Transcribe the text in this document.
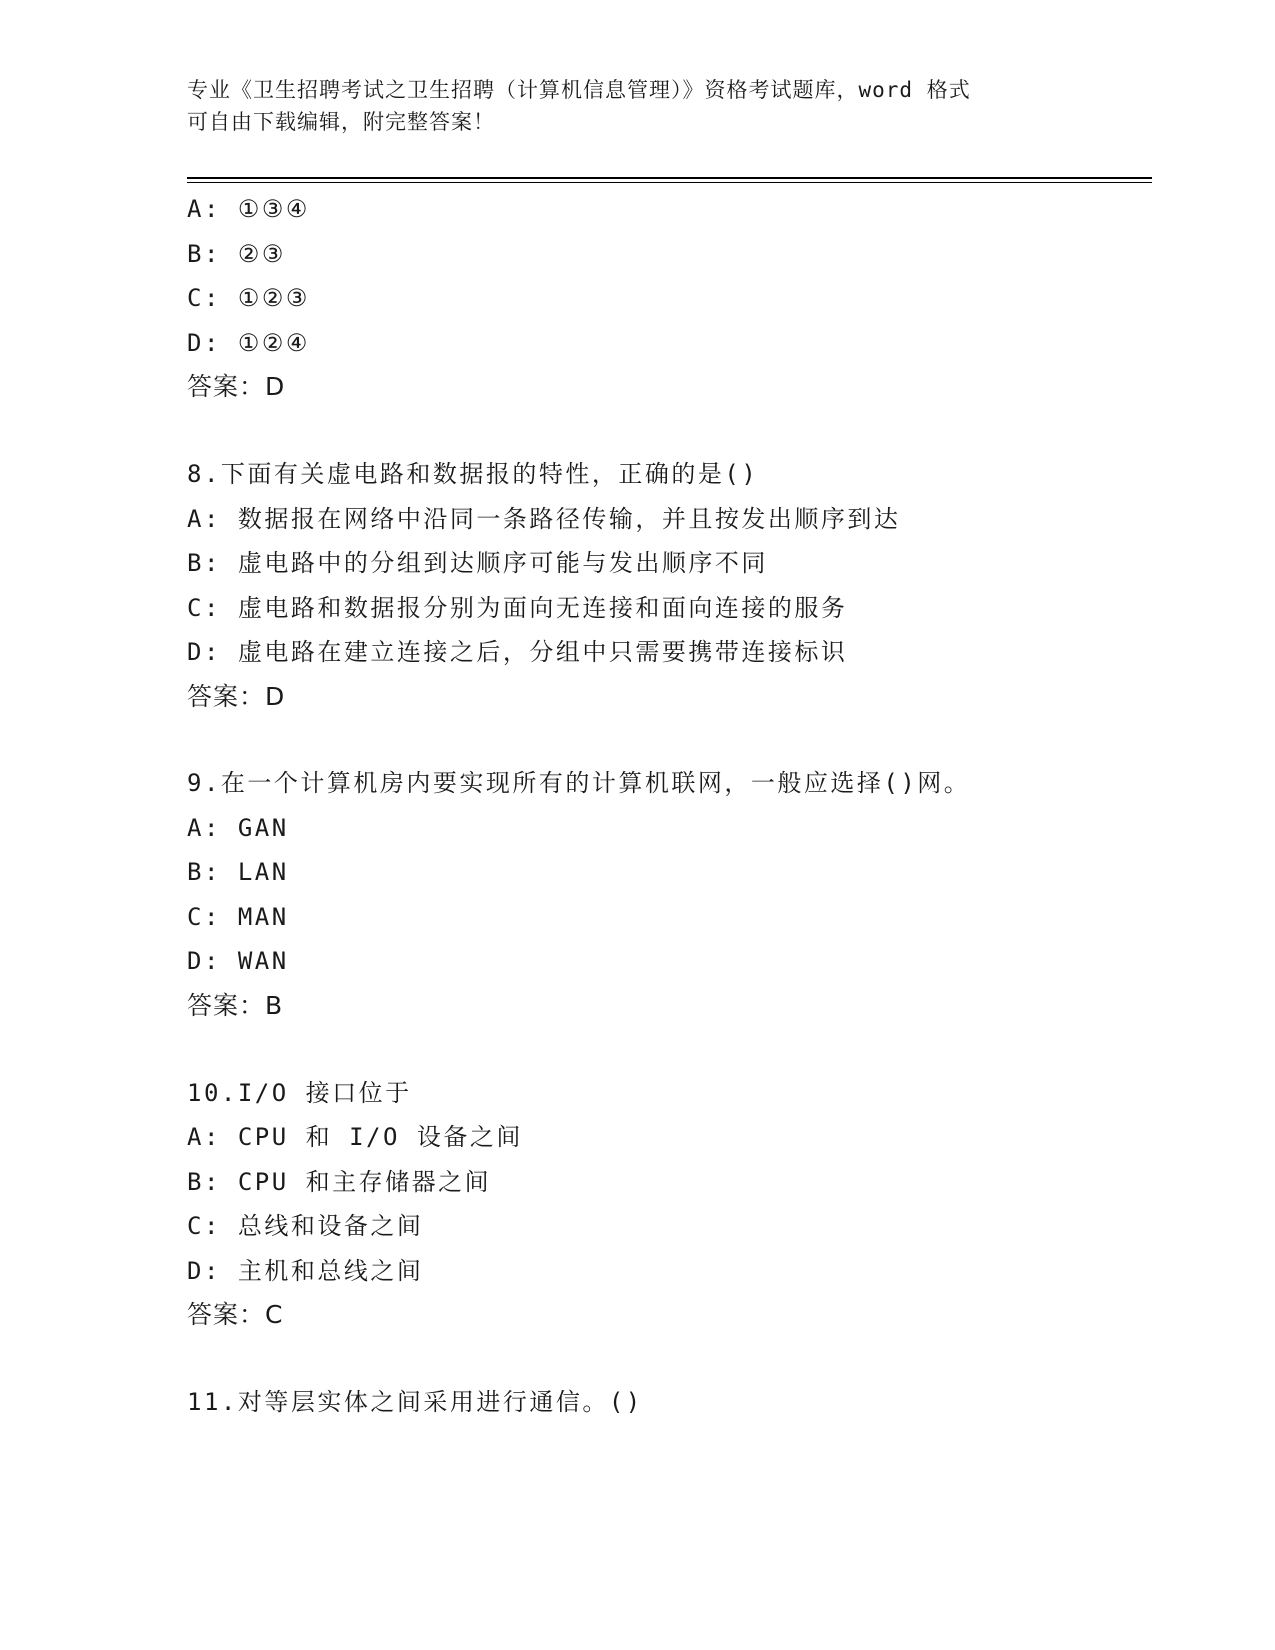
专业《卫生招聘考试之卫生招聘（计算机信息管理）》资格考试题库，word 格式
可自由下载编辑，附完整答案！
A: ①③④
B: ②③
C: ①②③
D: ①②④
答案：D
8.下面有关虚电路和数据报的特性，正确的是()
A: 数据报在网络中沿同一条路径传输，并且按发出顺序到达
B: 虚电路中的分组到达顺序可能与发出顺序不同
C: 虚电路和数据报分别为面向无连接和面向连接的服务
D: 虚电路在建立连接之后，分组中只需要携带连接标识
答案：D
9.在一个计算机房内要实现所有的计算机联网，一般应选择()网。
A: GAN
B: LAN
C: MAN
D: WAN
答案：B
10.I/O 接口位于
A: CPU 和 I/O 设备之间
B: CPU 和主存储器之间
C: 总线和设备之间
D: 主机和总线之间
答案：C
11.对等层实体之间采用进行通信。()
